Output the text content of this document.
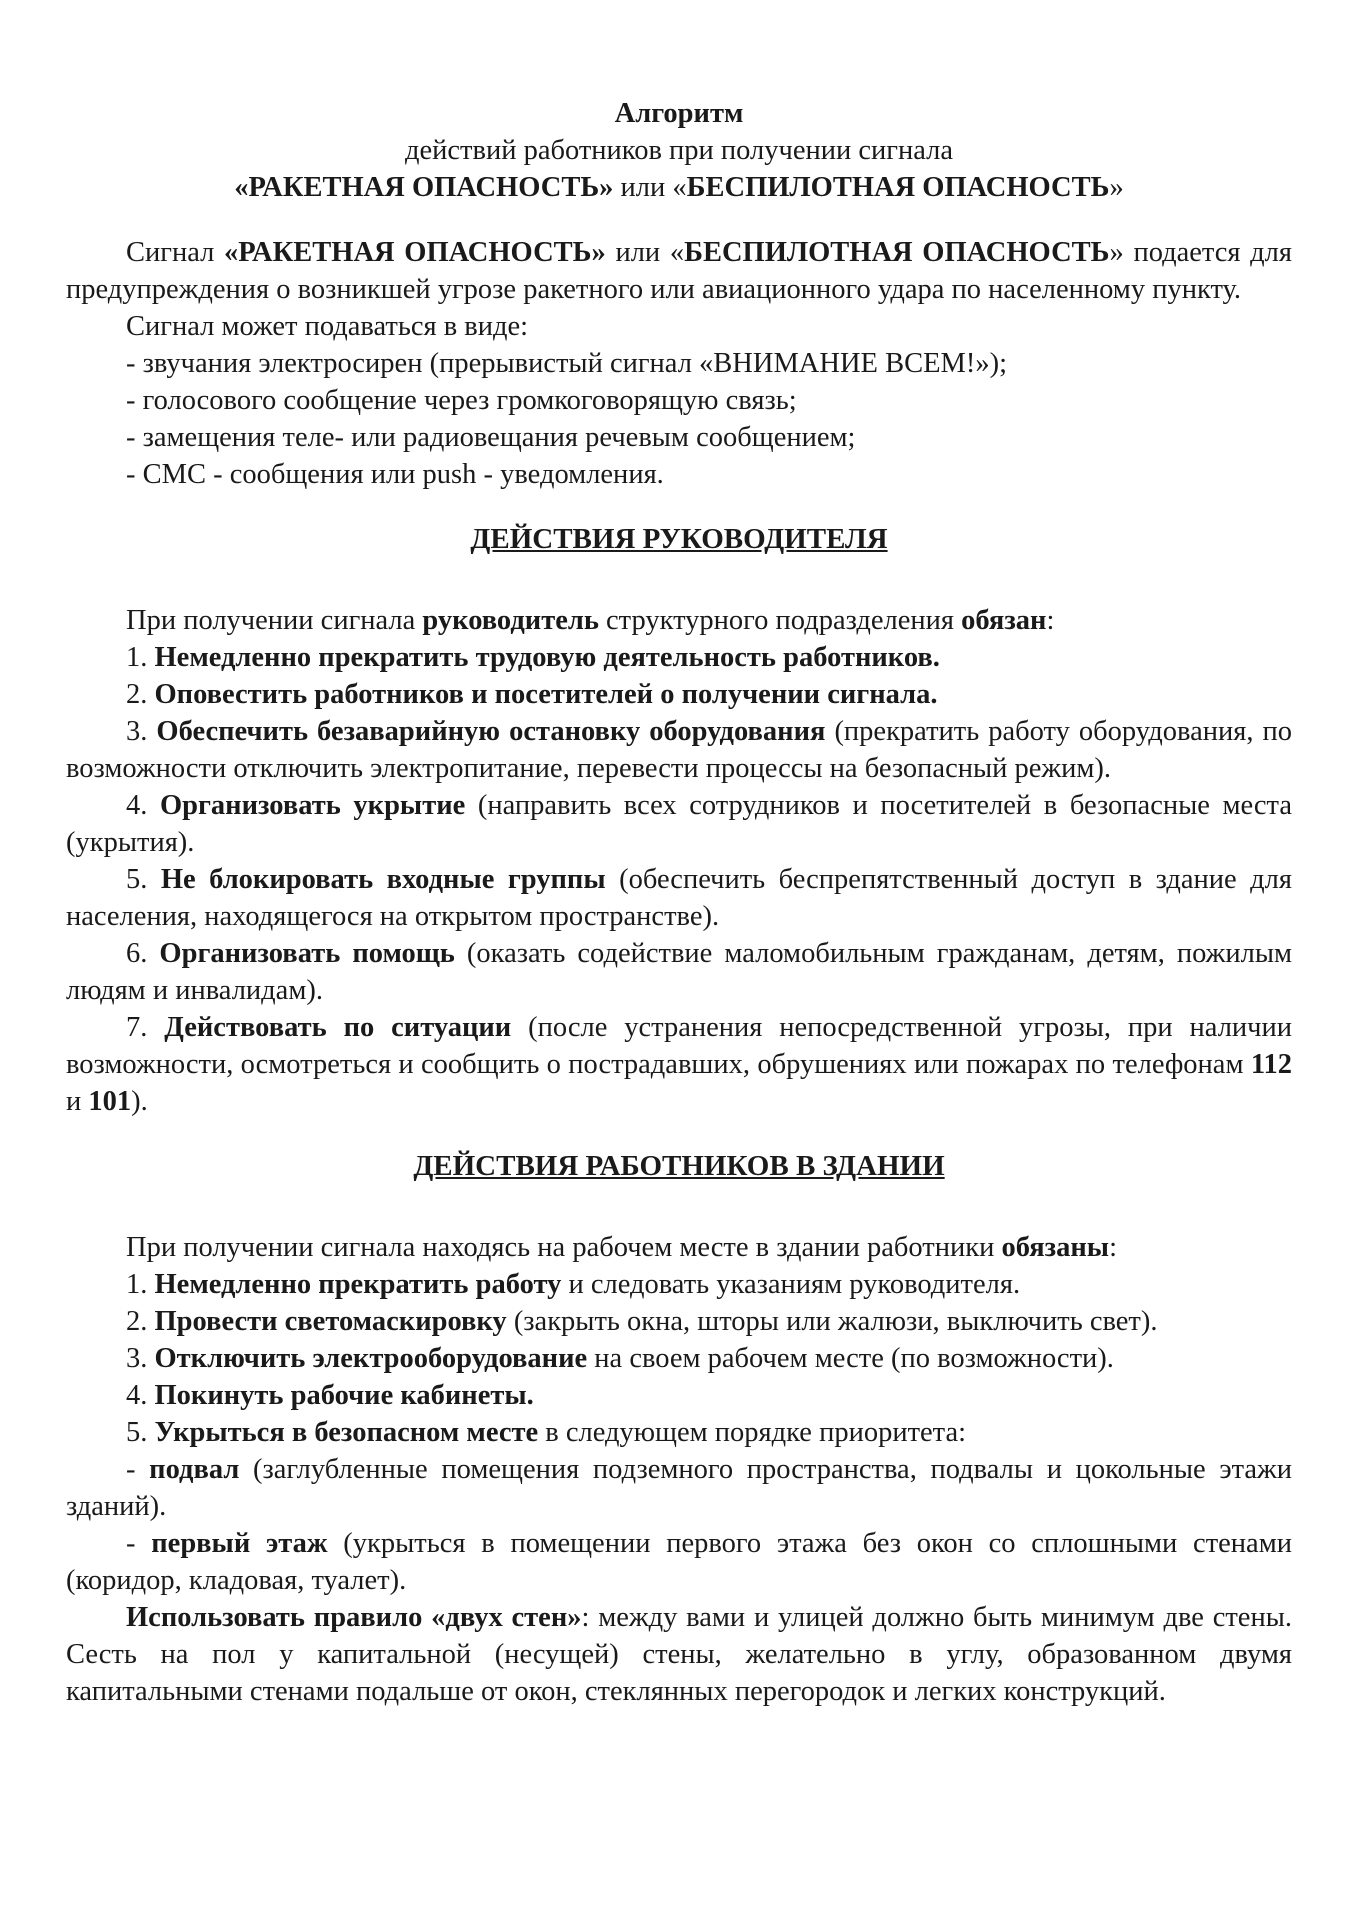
Алгоритм

действий работников при получении сигнала

«РАКЕТНАЯ ОПАСНОСТЬ» или «БЕСПИЛОТНАЯ ОПАСНОСТЬ»

Сигнал «РАКЕТНАЯ ОПАСНОСТЬ» или «БЕСПИЛОТНАЯ ОПАСНОСТЬ» подается для предупреждения о возникшей угрозе ракетного или авиационного удара по населенному пункту.

Сигнал может подаваться в виде:

- звучания электросирен (прерывистый сигнал «ВНИМАНИЕ ВСЕМ!»);

- голосового сообщение через громкоговорящую связь;

- замещения теле- или радиовещания речевым сообщением;

- СМС - сообщения или push - уведомления.

ДЕЙСТВИЯ РУКОВОДИТЕЛЯ

При получении сигнала руководитель структурного подразделения обязан:

1. Немедленно прекратить трудовую деятельность работников.

2. Оповестить работников и посетителей о получении сигнала.

3. Обеспечить безаварийную остановку оборудования (прекратить работу оборудования, по возможности отключить электропитание, перевести процессы на безопасный режим).

4. Организовать укрытие (направить всех сотрудников и посетителей в безопасные места (укрытия).

5. Не блокировать входные группы (обеспечить беспрепятственный доступ в здание для населения, находящегося на открытом пространстве).

6. Организовать помощь (оказать содействие маломобильным гражданам, детям, пожилым людям и инвалидам).

7. Действовать по ситуации (после устранения непосредственной угрозы, при наличии возможности, осмотреться и сообщить о пострадавших, обрушениях или пожарах по телефонам 112 и 101).

ДЕЙСТВИЯ РАБОТНИКОВ В ЗДАНИИ

При получении сигнала находясь на рабочем месте в здании работники обязаны:

1. Немедленно прекратить работу и следовать указаниям руководителя.

2. Провести светомаскировку (закрыть окна, шторы или жалюзи, выключить свет).

3. Отключить электрооборудование на своем рабочем месте (по возможности).

4. Покинуть рабочие кабинеты.

5. Укрыться в безопасном месте в следующем порядке приоритета:

- подвал (заглубленные помещения подземного пространства, подвалы и цокольные этажи зданий).

- первый этаж (укрыться в помещении первого этажа без окон со сплошными стенами (коридор, кладовая, туалет).

Использовать правило «двух стен»: между вами и улицей должно быть минимум две стены. Сесть на пол у капитальной (несущей) стены, желательно в углу, образованном двумя капитальными стенами подальше от окон, стеклянных перегородок и легких конструкций.
